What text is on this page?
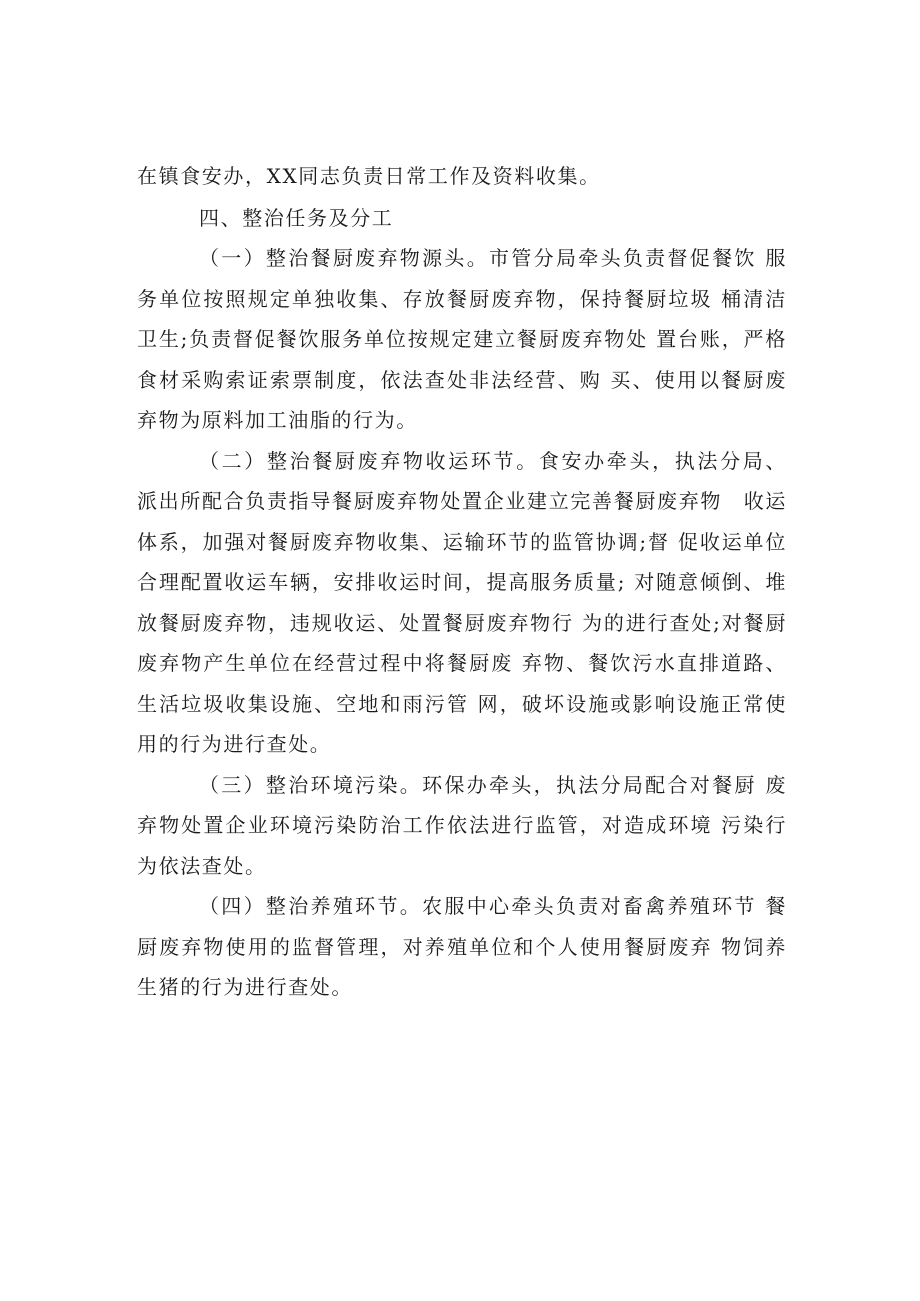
在镇食安办，XX同志负责日常工作及资料收集。

四、整治任务及分工

（一）整治餐厨废弃物源头。市管分局牵头负责督促餐饮 服务单位按照规定单独收集、存放餐厨废弃物，保持餐厨垃圾 桶清洁卫生;负责督促餐饮服务单位按规定建立餐厨废弃物处 置台账，严格食材采购索证索票制度，依法查处非法经营、购 买、使用以餐厨废弃物为原料加工油脂的行为。

（二）整治餐厨废弃物收运环节。食安办牵头，执法分局、 派出所配合负责指导餐厨废弃物处置企业建立完善餐厨废弃物　收运体系，加强对餐厨废弃物收集、运输环节的监管协调;督 促收运单位合理配置收运车辆，安排收运时间，提高服务质量; 对随意倾倒、堆放餐厨废弃物，违规收运、处置餐厨废弃物行 为的进行查处;对餐厨废弃物产生单位在经营过程中将餐厨废 弃物、餐饮污水直排道路、生活垃圾收集设施、空地和雨污管 网，破坏设施或影响设施正常使用的行为进行查处。

（三）整治环境污染。环保办牵头，执法分局配合对餐厨 废弃物处置企业环境污染防治工作依法进行监管，对造成环境 污染行为依法查处。

（四）整治养殖环节。农服中心牵头负责对畜禽养殖环节 餐厨废弃物使用的监督管理，对养殖单位和个人使用餐厨废弃 物饲养生猪的行为进行查处。
